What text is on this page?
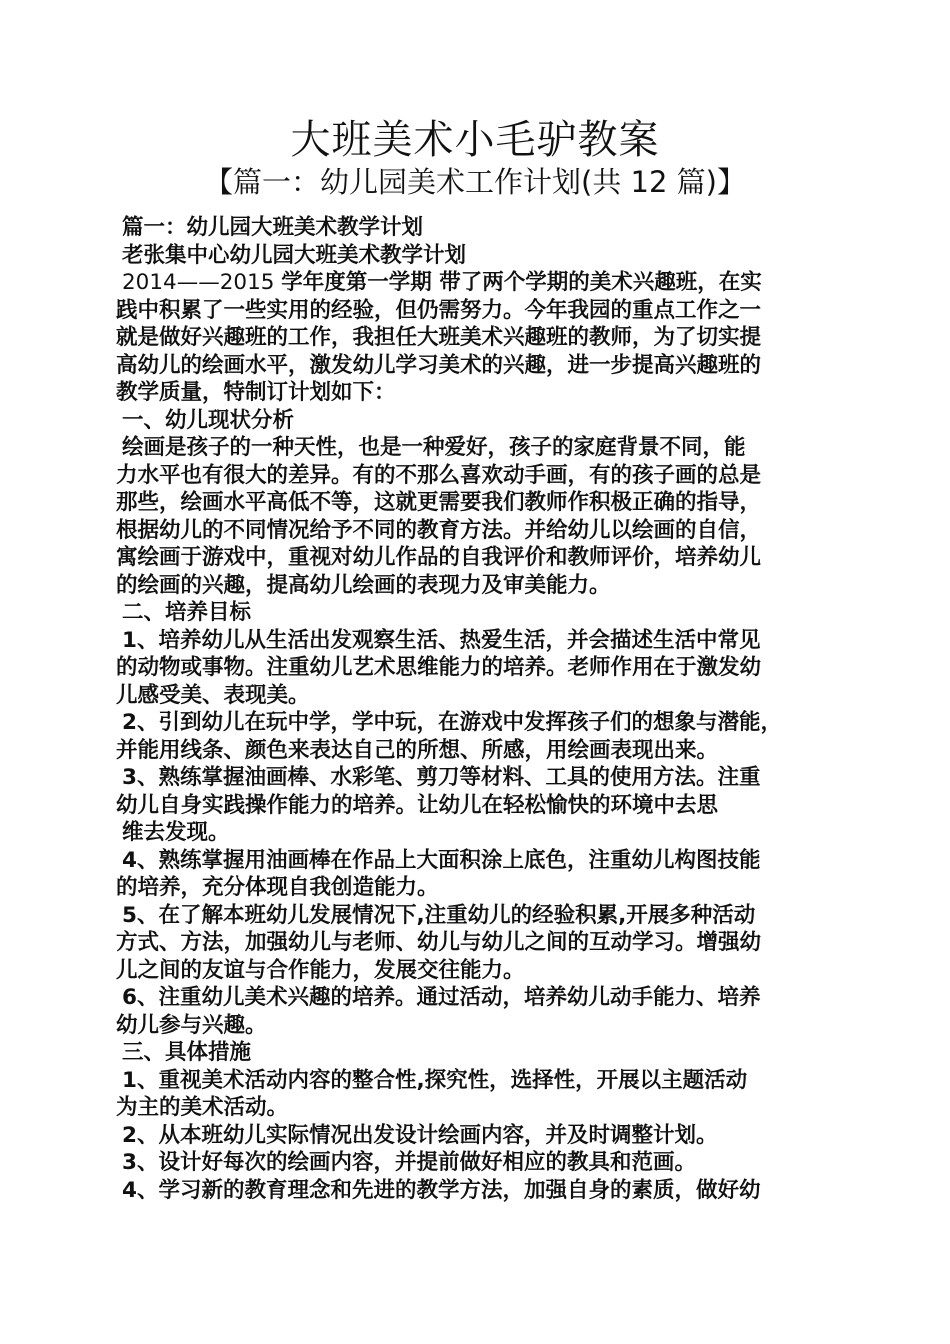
大班美术小毛驴教案
【篇一：幼儿园美术工作计划(共 12 篇)】
篇一：幼儿园大班美术教学计划
老张集中心幼儿园大班美术教学计划
2014——2015 学年度第一学期 带了两个学期的美术兴趣班，在实
践中积累了一些实用的经验，但仍需努力。今年我园的重点工作之一
就是做好兴趣班的工作，我担任大班美术兴趣班的教师，为了切实提
高幼儿的绘画水平，激发幼儿学习美术的兴趣，进一步提高兴趣班的
教学质量，特制订计划如下：
一、幼儿现状分析
绘画是孩子的一种天性，也是一种爱好，孩子的家庭背景不同，能
力水平也有很大的差异。有的不那么喜欢动手画，有的孩子画的总是
那些，绘画水平高低不等，这就更需要我们教师作积极正确的指导，
根据幼儿的不同情况给予不同的教育方法。并给幼儿以绘画的自信，
寓绘画于游戏中，重视对幼儿作品的自我评价和教师评价，培养幼儿
的绘画的兴趣，提高幼儿绘画的表现力及审美能力。
二、培养目标
1、培养幼儿从生活出发观察生活、热爱生活，并会描述生活中常见
的动物或事物。注重幼儿艺术思维能力的培养。老师作用在于激发幼
儿感受美、表现美。
2、引到幼儿在玩中学，学中玩，在游戏中发挥孩子们的想象与潜能，
并能用线条、颜色来表达自己的所想、所感，用绘画表现出来。
3、熟练掌握油画棒、水彩笔、剪刀等材料、工具的使用方法。注重
幼儿自身实践操作能力的培养。让幼儿在轻松愉快的环境中去思
维去发现。
4、熟练掌握用油画棒在作品上大面积涂上底色，注重幼儿构图技能
的培养，充分体现自我创造能力。
5、在了解本班幼儿发展情况下,注重幼儿的经验积累,开展多种活动
方式、方法，加强幼儿与老师、幼儿与幼儿之间的互动学习。增强幼
儿之间的友谊与合作能力，发展交往能力。
6、注重幼儿美术兴趣的培养。通过活动，培养幼儿动手能力、培养
幼儿参与兴趣。
三、具体措施
1、重视美术活动内容的整合性,探究性，选择性，开展以主题活动
为主的美术活动。
2、从本班幼儿实际情况出发设计绘画内容，并及时调整计划。
3、设计好每次的绘画内容，并提前做好相应的教具和范画。
4、学习新的教育理念和先进的教学方法，加强自身的素质，做好幼
